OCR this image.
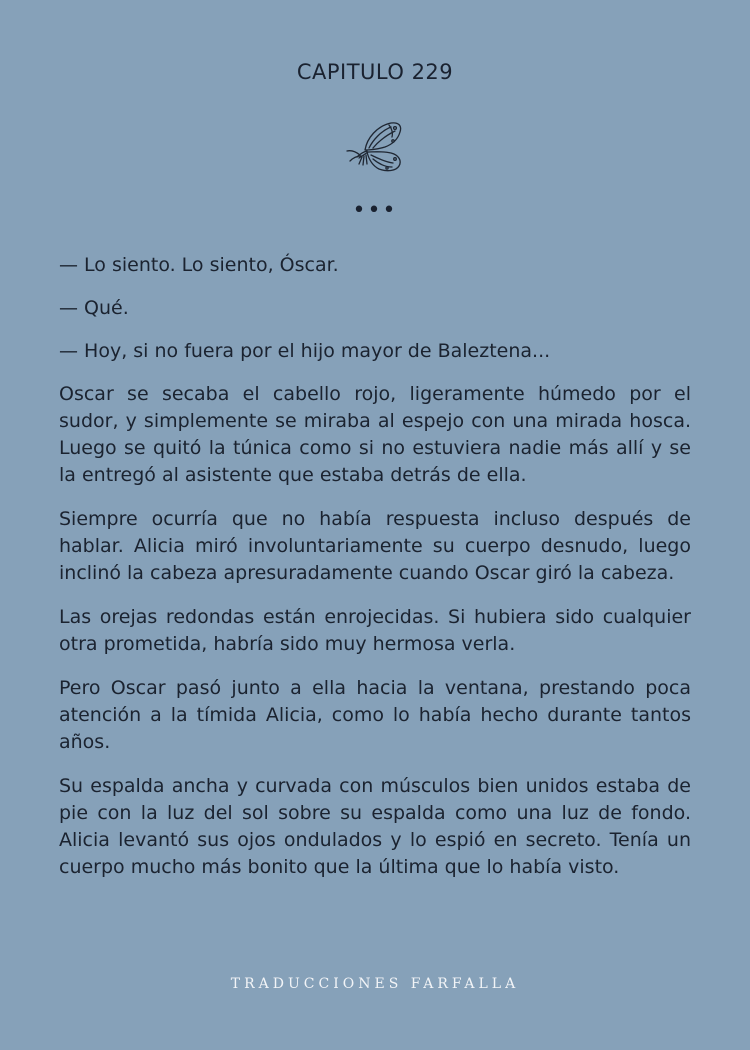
CAPITULO 229
•••

— Lo siento. Lo siento, Óscar.

— Qué.

— Hoy, si no fuera por el hijo mayor de Baleztena...

Oscar se secaba el cabello rojo, ligeramente húmedo por el sudor, y simplemente se miraba al espejo con una mirada hosca. Luego se quitó la túnica como si no estuviera nadie más allí y se la entregó al asistente que estaba detrás de ella.

Siempre ocurría que no había respuesta incluso después de hablar. Alicia miró involuntariamente su cuerpo desnudo, luego inclinó la cabeza apresuradamente cuando Oscar giró la cabeza.

Las orejas redondas están enrojecidas. Si hubiera sido cualquier otra prometida, habría sido muy hermosa verla.

Pero Oscar pasó junto a ella hacia la ventana, prestando poca atención a la tímida Alicia, como lo había hecho durante tantos años.

Su espalda ancha y curvada con músculos bien unidos estaba de pie con la luz del sol sobre su espalda como una luz de fondo. Alicia levantó sus ojos ondulados y lo espió en secreto. Tenía un cuerpo mucho más bonito que la última que lo había visto.

TRADUCCIONES FARFALLA
